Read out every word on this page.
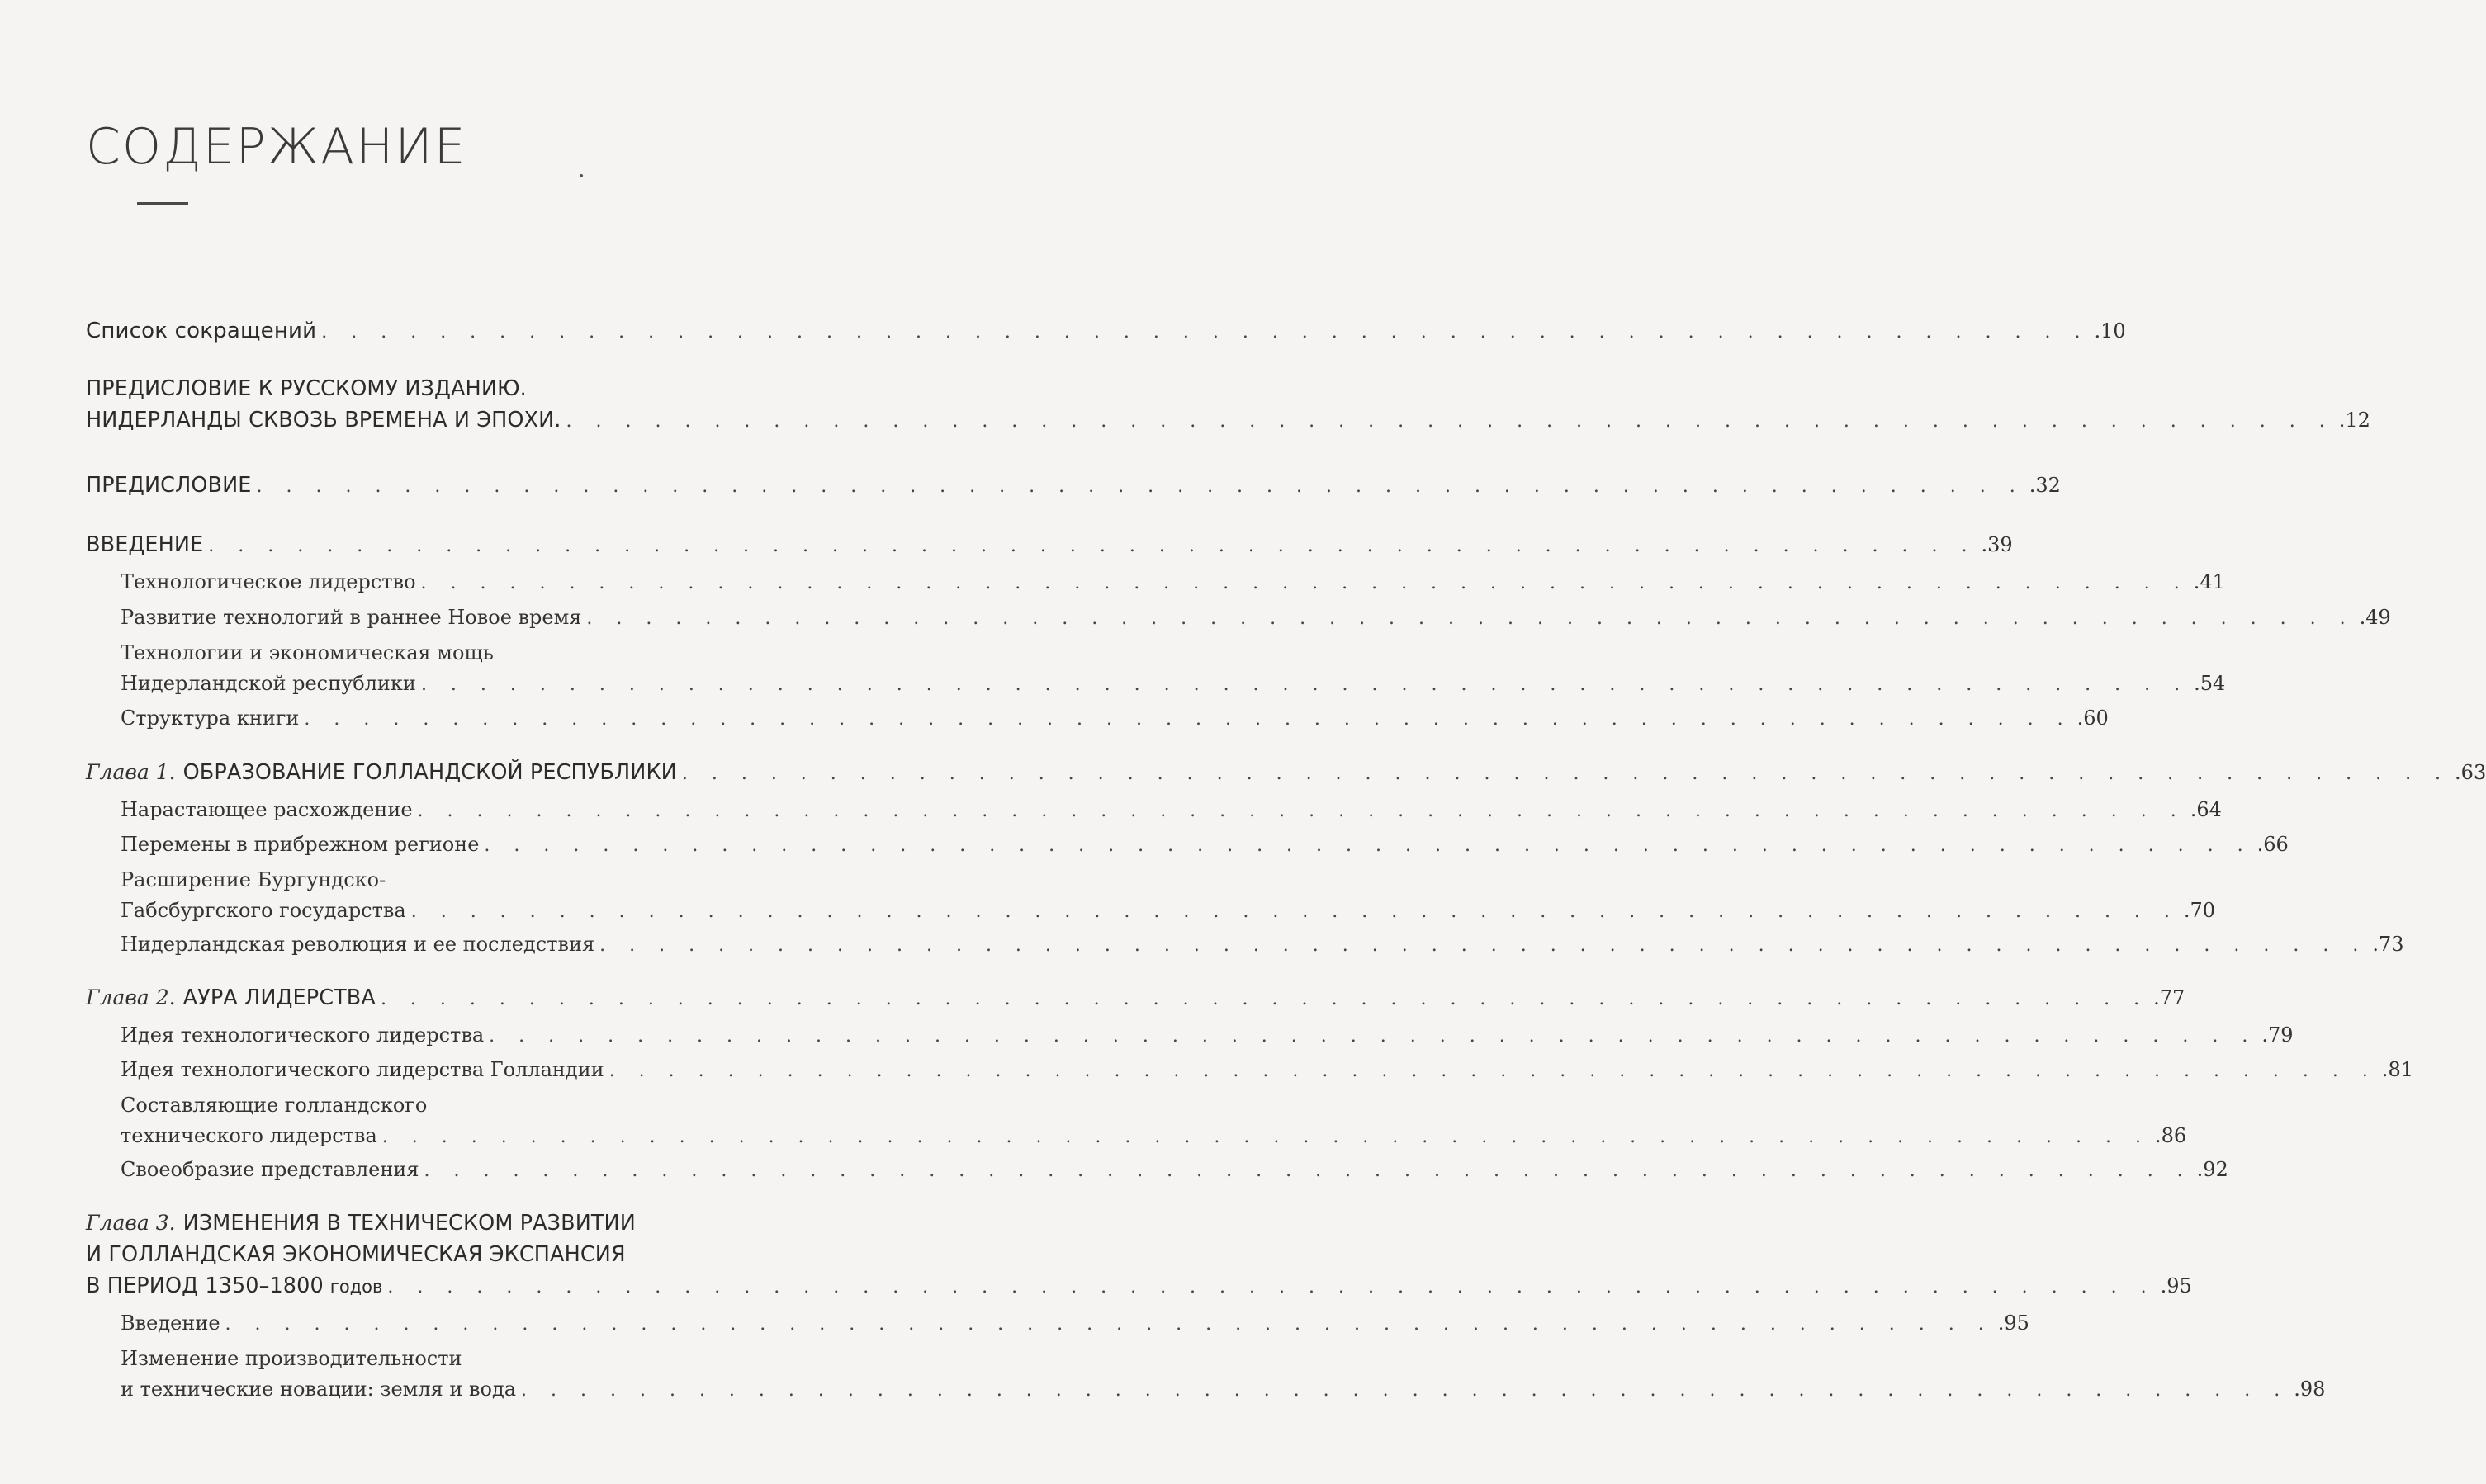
СОДЕРЖАНИЕ
Список сокращений . . . . . . . . . . . . . . . . . . . . . . . . . . . . . . . . . . . . . . . . . . . . . . . . . . . . . . . . . . . . .10
ПРЕДИСЛОВИЕ К РУССКОМУ ИЗДАНИЮ.
НИДЕРЛАНДЫ СКВОЗЬ ВРЕМЕНА И ЭПОХИ. . . . . . . . . . . . . . . . . . . . . . . . . . . . . . . . . . . . . . . . . . . . . . . . . . . . . . . . . . . . . .12
ПРЕДИСЛОВИЕ . . . . . . . . . . . . . . . . . . . . . . . . . . . . . . . . . . . . . . . . . . . . . . . . . . . . . . . . . . . . .32
ВВЕДЕНИЕ . . . . . . . . . . . . . . . . . . . . . . . . . . . . . . . . . . . . . . . . . . . . . . . . . . . . . . . . . . . . .39
Технологическое лидерство . . . . . . . . . . . . . . . . . . . . . . . . . . . . . . . . . . . . . . . . . . . . . . . . . . . . . . . . . . . . .41
Развитие технологий в раннее Новое время . . . . . . . . . . . . . . . . . . . . . . . . . . . . . . . . . . . . . . . . . . . . . . . . . . . . . . . . . . . . .49
Технологии и экономическая мощь
Нидерландской республики . . . . . . . . . . . . . . . . . . . . . . . . . . . . . . . . . . . . . . . . . . . . . . . . . . . . . . . . . . . . .54
Структура книги . . . . . . . . . . . . . . . . . . . . . . . . . . . . . . . . . . . . . . . . . . . . . . . . . . . . . . . . . . . . .60
Глава 1. ОБРАЗОВАНИЕ ГОЛЛАНДСКОЙ РЕСПУБЛИКИ . . . . . . . . . . . . . . . . . . . . . . . . . . . . . . . . . . . . . . . . . . . . . . . . . . . . . . . . . . . . .63
Нарастающее расхождение . . . . . . . . . . . . . . . . . . . . . . . . . . . . . . . . . . . . . . . . . . . . . . . . . . . . . . . . . . . . .64
Перемены в прибрежном регионе . . . . . . . . . . . . . . . . . . . . . . . . . . . . . . . . . . . . . . . . . . . . . . . . . . . . . . . . . . . . .66
Расширение Бургундско-
Габсбургского государства . . . . . . . . . . . . . . . . . . . . . . . . . . . . . . . . . . . . . . . . . . . . . . . . . . . . . . . . . . . . .70
Нидерландская революция и ее последствия . . . . . . . . . . . . . . . . . . . . . . . . . . . . . . . . . . . . . . . . . . . . . . . . . . . . . . . . . . . . .73
Глава 2. АУРА ЛИДЕРСТВА . . . . . . . . . . . . . . . . . . . . . . . . . . . . . . . . . . . . . . . . . . . . . . . . . . . . . . . . . . . . .77
Идея технологического лидерства . . . . . . . . . . . . . . . . . . . . . . . . . . . . . . . . . . . . . . . . . . . . . . . . . . . . . . . . . . . . .79
Идея технологического лидерства Голландии . . . . . . . . . . . . . . . . . . . . . . . . . . . . . . . . . . . . . . . . . . . . . . . . . . . . . . . . . . . . .81
Составляющие голландского
технического лидерства . . . . . . . . . . . . . . . . . . . . . . . . . . . . . . . . . . . . . . . . . . . . . . . . . . . . . . . . . . . . .86
Своеобразие представления . . . . . . . . . . . . . . . . . . . . . . . . . . . . . . . . . . . . . . . . . . . . . . . . . . . . . . . . . . . . .92
Глава 3. ИЗМЕНЕНИЯ В ТЕХНИЧЕСКОМ РАЗВИТИИ
И ГОЛЛАНДСКАЯ ЭКОНОМИЧЕСКАЯ ЭКСПАНСИЯ
В ПЕРИОД 1350–1800 годов . . . . . . . . . . . . . . . . . . . . . . . . . . . . . . . . . . . . . . . . . . . . . . . . . . . . . . . . . . . . .95
Введение . . . . . . . . . . . . . . . . . . . . . . . . . . . . . . . . . . . . . . . . . . . . . . . . . . . . . . . . . . . . .95
Изменение производительности
и технические новации: земля и вода . . . . . . . . . . . . . . . . . . . . . . . . . . . . . . . . . . . . . . . . . . . . . . . . . . . . . . . . . . . . .98
